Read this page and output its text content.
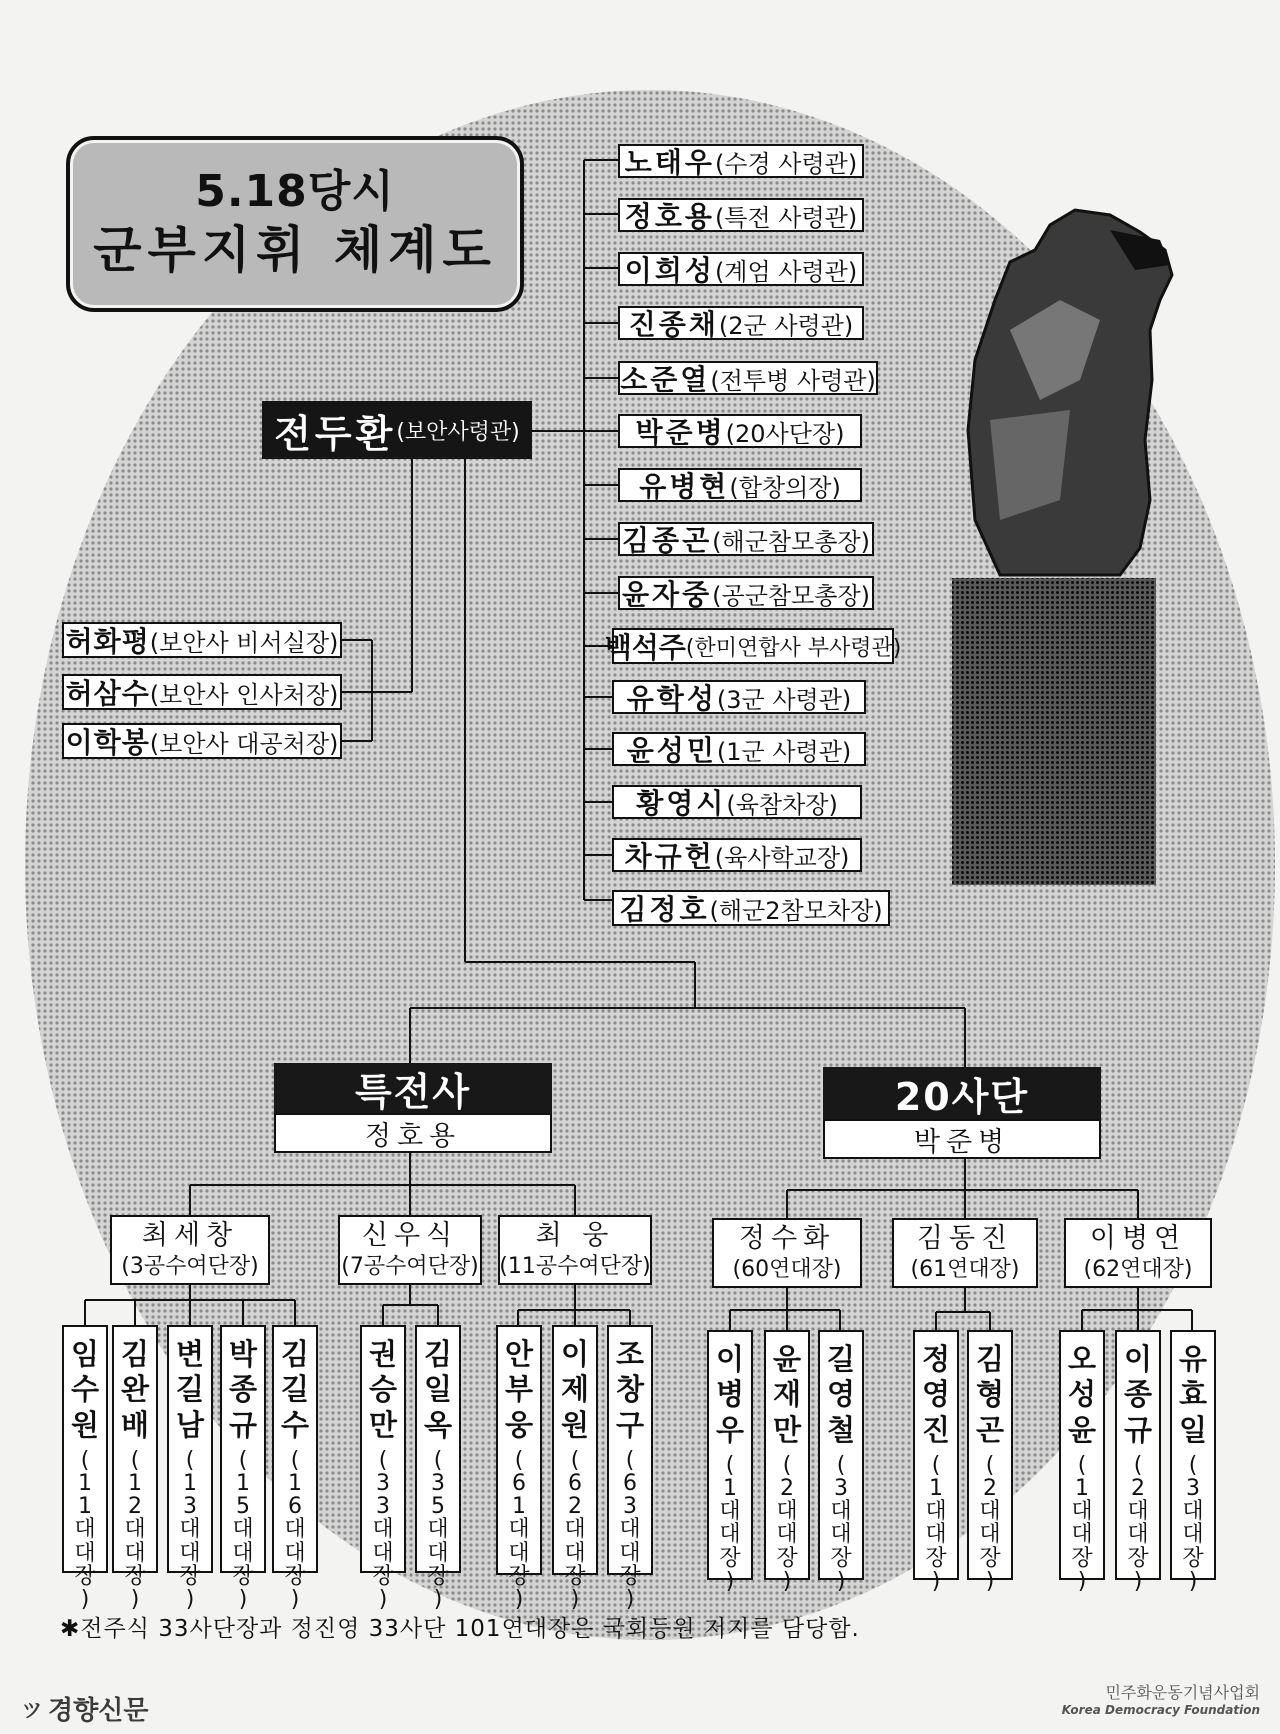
5.18당시
군부지휘 체계도
전두환 (보안사령관)
노태우 (수경 사령관)
정호용 (특전 사령관)
이희성 (계엄 사령관)
진종채 (2군 사령관)
소준열 (전투병 사령관)
박준병 (20사단장)
유병현 (합창의장)
김종곤 (해군참모총장)
윤자중 (공군참모총장)
백석주 (한미연합사 부사령관)
유학성 (3군 사령관)
윤성민 (1군 사령관)
황영시 (육참차장)
차규헌 (육사학교장)
김정호 (해군2참모차장)
허화평 (보안사 비서실장)
허삼수 (보안사 인사처장)
이학봉 (보안사 대공처장)
특전사
정호용
20사단
박준병
최세창
(3공수여단장)
신우식
(7공수여단장)
최 웅
(11공수여단장)
정수화
(60연대장)
김동진
(61연대장)
이병연
(62연대장)
임
수
원
(
1
1
대
대
장
)
김
완
배
(
1
2
대
대
장
)
변
길
남
(
1
3
대
대
장
)
박
종
규
(
1
5
대
대
장
)
김
길
수
(
1
6
대
대
장
)
권
승
만
(
3
3
대
대
장
)
김
일
옥
(
3
5
대
대
장
)
안
부
웅
(
6
1
대
대
장
)
이
제
원
(
6
2
대
대
장
)
조
창
구
(
6
3
대
대
장
)
이
병
우
(
1
대
대
장
)
윤
재
만
(
2
대
대
장
)
길
영
철
(
3
대
대
장
)
정
영
진
(
1
대
대
장
)
김
형
곤
(
2
대
대
장
)
오
성
윤
(
1
대
대
장
)
이
종
규
(
2
대
대
장
)
유
효
일
(
3
대
대
장
)
✱전주식 33사단장과 정진영 33사단 101연대장은 국회등원 저지를 담당함.
ツ 경향신문
민주화운동기념사업회
Korea Democracy Foundation
